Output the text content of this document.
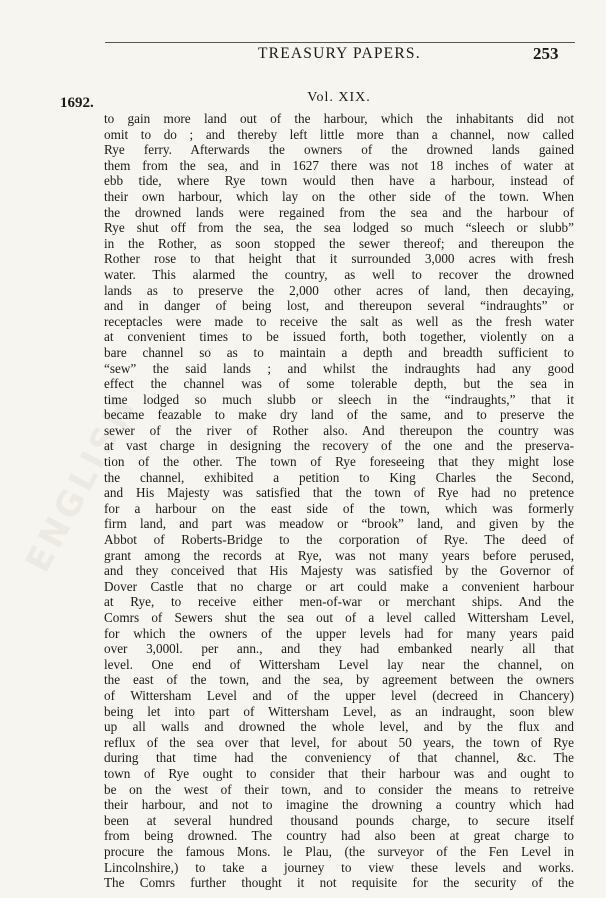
TREASURY PAPERS.	253
Vol. XIX.
1692.
ENGLISH
to gain more land out of the harbour, which the inhabitants did not
omit to do ; and thereby left little more than a channel, now called
Rye ferry. Afterwards the owners of the drowned lands gained
them from the sea, and in 1627 there was not 18 inches of water at
ebb tide, where Rye town would then have a harbour, instead of
their own harbour, which lay on the other side of the town. When
the drowned lands were regained from the sea and the harbour of
Rye shut off from the sea, the sea lodged so much “sleech or slubb”
in the Rother, as soon stopped the sewer thereof; and thereupon the
Rother rose to that height that it surrounded 3,000 acres with fresh
water. This alarmed the country, as well to recover the drowned
lands as to preserve the 2,000 other acres of land, then decaying,
and in danger of being lost, and thereupon several “indraughts” or
receptacles were made to receive the salt as well as the fresh water
at convenient times to be issued forth, both together, violently on a
bare channel so as to maintain a depth and breadth sufficient to
“sew” the said lands ; and whilst the indraughts had any good
effect the channel was of some tolerable depth, but the sea in
time lodged so much slubb or sleech in the “indraughts,” that it
became feazable to make dry land of the same, and to preserve the
sewer of the river of Rother also. And thereupon the country was
at vast charge in designing the recovery of the one and the preserva-
tion of the other. The town of Rye foreseeing that they might lose
the channel, exhibited a petition to King Charles the Second,
and His Majesty was satisfied that the town of Rye had no pretence
for a harbour on the east side of the town, which was formerly
firm land, and part was meadow or “brook” land, and given by the
Abbot of Roberts-Bridge to the corporation of Rye. The deed of
grant among the records at Rye, was not many years before perused,
and they conceived that His Majesty was satisfied by the Governor of
Dover Castle that no charge or art could make a convenient harbour
at Rye, to receive either men-of-war or merchant ships. And the
Comrs of Sewers shut the sea out of a level called Wittersham Level,
for which the owners of the upper levels had for many years paid
over 3,000l. per ann., and they had embanked nearly all that
level. One end of Wittersham Level lay near the channel, on
the east of the town, and the sea, by agreement between the owners
of Wittersham Level and of the upper level (decreed in Chancery)
being let into part of Wittersham Level, as an indraught, soon blew
up all walls and drowned the whole level, and by the flux and
reflux of the sea over that level, for about 50 years, the town of Rye
during that time had the conveniency of that channel, &c. The
town of Rye ought to consider that their harbour was and ought to
be on the west of their town, and to consider the means to retreive
their harbour, and not to imagine the drowning a country which had
been at several hundred thousand pounds charge, to secure itself
from being drowned. The country had also been at great charge to
procure the famous Mons. le Plau, (the surveyor of the Fen Level in
Lincolnshire,) to take a journey to view these levels and works.
The Comrs further thought it not requisite for the security of the
